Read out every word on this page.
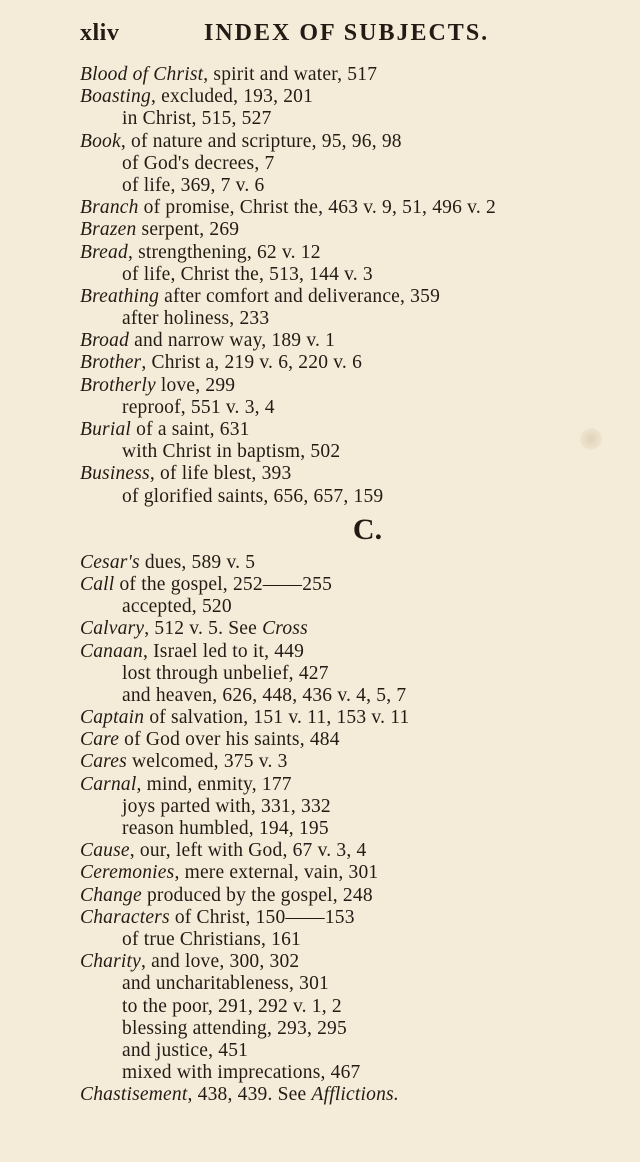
xliv	INDEX OF SUBJECTS.
Blood of Christ, spirit and water, 517
Boasting, excluded, 193, 201
in Christ, 515, 527
Book, of nature and scripture, 95, 96, 98
of God's decrees, 7
of life, 369, 7 v. 6
Branch of promise, Christ the, 463 v. 9, 51, 496 v. 2
Brazen serpent, 269
Bread, strengthening, 62 v. 12
of life, Christ the, 513, 144 v. 3
Breathing after comfort and deliverance, 359
after holiness, 233
Broad and narrow way, 189 v. 1
Brother, Christ a, 219 v. 6, 220 v. 6
Brotherly love, 299
reproof, 551 v. 3, 4
Burial of a saint, 631
with Christ in baptism, 502
Business, of life blest, 393
of glorified saints, 656, 657, 159
C.
Cesar's dues, 589 v. 5
Call of the gospel, 252——255
accepted, 520
Calvary, 512 v. 5. See Cross
Canaan, Israel led to it, 449
lost through unbelief, 427
and heaven, 626, 448, 436 v. 4, 5, 7
Captain of salvation, 151 v. 11, 153 v. 11
Care of God over his saints, 484
Cares welcomed, 375 v. 3
Carnal, mind, enmity, 177
joys parted with, 331, 332
reason humbled, 194, 195
Cause, our, left with God, 67 v. 3, 4
Ceremonies, mere external, vain, 301
Change produced by the gospel, 248
Characters of Christ, 150——153
of true Christians, 161
Charity, and love, 300, 302
and uncharitableness, 301
to the poor, 291, 292 v. 1, 2
blessing attending, 293, 295
and justice, 451
mixed with imprecations, 467
Chastisement, 438, 439. See Afflictions.
